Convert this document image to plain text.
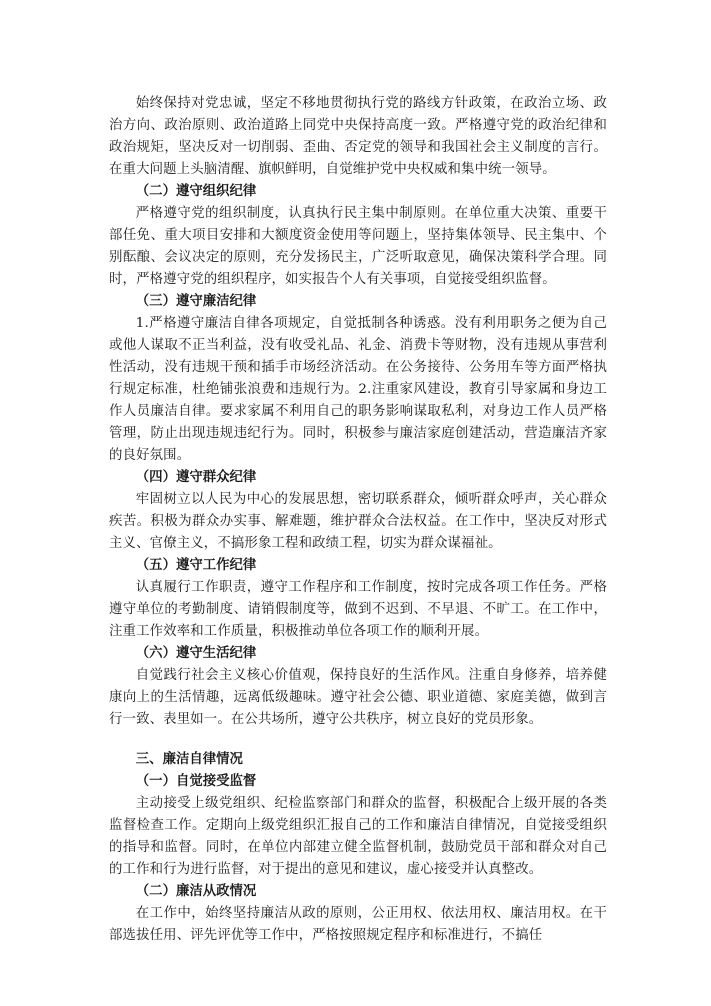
始终保持对党忠诚，坚定不移地贯彻执行党的路线方针政策，在政治立场、政治方向、政治原则、政治道路上同党中央保持高度一致。严格遵守党的政治纪律和政治规矩，坚决反对一切削弱、歪曲、否定党的领导和我国社会主义制度的言行。在重大问题上头脑清醒、旗帜鲜明，自觉维护党中央权威和集中统一领导。

（二）遵守组织纪律

严格遵守党的组织制度，认真执行民主集中制原则。在单位重大决策、重要干部任免、重大项目安排和大额度资金使用等问题上，坚持集体领导、民主集中、个别酝酿、会议决定的原则，充分发扬民主，广泛听取意见，确保决策科学合理。同时，严格遵守党的组织程序，如实报告个人有关事项，自觉接受组织监督。

（三）遵守廉洁纪律

1.严格遵守廉洁自律各项规定，自觉抵制各种诱惑。没有利用职务之便为自己或他人谋取不正当利益，没有收受礼品、礼金、消费卡等财物，没有违规从事营利性活动，没有违规干预和插手市场经济活动。在公务接待、公务用车等方面严格执行规定标准，杜绝铺张浪费和违规行为。2.注重家风建设，教育引导家属和身边工作人员廉洁自律。要求家属不利用自己的职务影响谋取私利，对身边工作人员严格管理，防止出现违规违纪行为。同时，积极参与廉洁家庭创建活动，营造廉洁齐家的良好氛围。

（四）遵守群众纪律

牢固树立以人民为中心的发展思想，密切联系群众，倾听群众呼声，关心群众疾苦。积极为群众办实事、解难题，维护群众合法权益。在工作中，坚决反对形式主义、官僚主义，不搞形象工程和政绩工程，切实为群众谋福祉。

（五）遵守工作纪律

认真履行工作职责，遵守工作程序和工作制度，按时完成各项工作任务。严格遵守单位的考勤制度、请销假制度等，做到不迟到、不早退、不旷工。在工作中，注重工作效率和工作质量，积极推动单位各项工作的顺利开展。

（六）遵守生活纪律

自觉践行社会主义核心价值观，保持良好的生活作风。注重自身修养，培养健康向上的生活情趣，远离低级趣味。遵守社会公德、职业道德、家庭美德，做到言行一致、表里如一。在公共场所，遵守公共秩序，树立良好的党员形象。

三、廉洁自律情况

（一）自觉接受监督

主动接受上级党组织、纪检监察部门和群众的监督，积极配合上级开展的各类监督检查工作。定期向上级党组织汇报自己的工作和廉洁自律情况，自觉接受组织的指导和监督。同时，在单位内部建立健全监督机制，鼓励党员干部和群众对自己的工作和行为进行监督，对于提出的意见和建议，虚心接受并认真整改。

（二）廉洁从政情况

在工作中，始终坚持廉洁从政的原则，公正用权、依法用权、廉洁用权。在干部选拔任用、评先评优等工作中，严格按照规定程序和标准进行，不搞任
